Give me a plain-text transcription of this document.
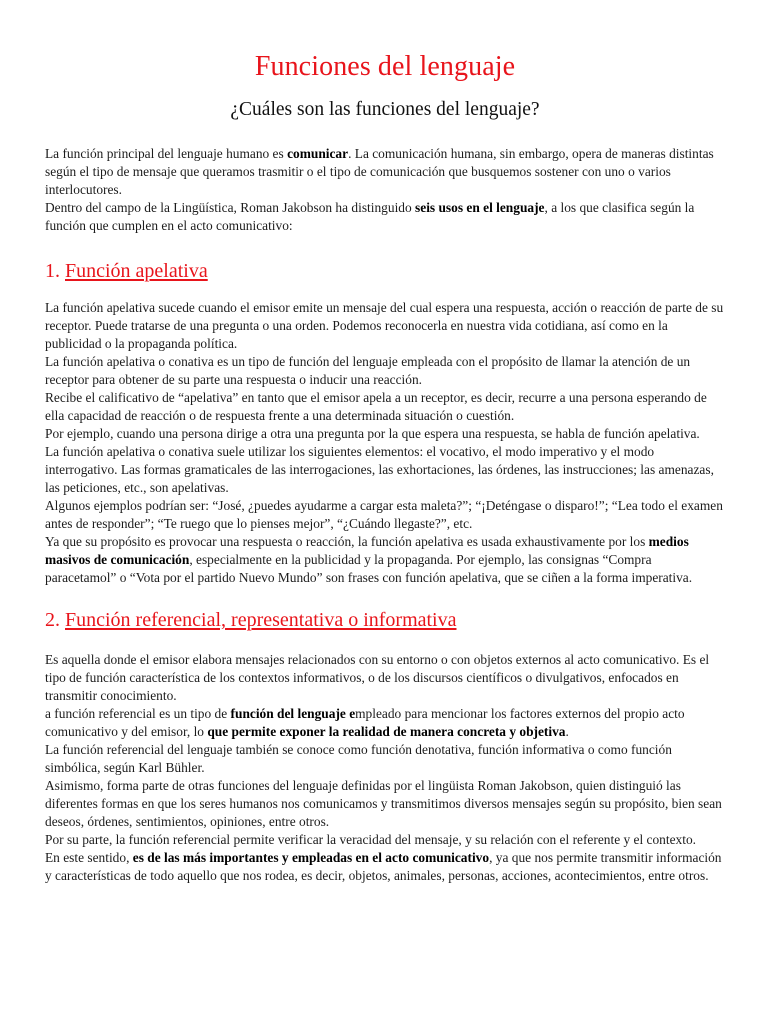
Funciones del lenguaje
¿Cuáles son las funciones del lenguaje?

La función principal del lenguaje humano es comunicar. La comunicación humana, sin embargo, opera de maneras distintas según el tipo de mensaje que queramos trasmitir o el tipo de comunicación que busquemos sostener con uno o varios interlocutores.

Dentro del campo de la Lingüística, Roman Jakobson ha distinguido seis usos en el lenguaje, a los que clasifica según la función que cumplen en el acto comunicativo:

1. Función apelativa

La función apelativa sucede cuando el emisor emite un mensaje del cual espera una respuesta, acción o reacción de parte de su receptor. Puede tratarse de una pregunta o una orden. Podemos reconocerla en nuestra vida cotidiana, así como en la publicidad o la propaganda política.

La función apelativa o conativa es un tipo de función del lenguaje empleada con el propósito de llamar la atención de un receptor para obtener de su parte una respuesta o inducir una reacción.

Recibe el calificativo de “apelativa” en tanto que el emisor apela a un receptor, es decir, recurre a una persona esperando de ella capacidad de reacción o de respuesta frente a una determinada situación o cuestión.

Por ejemplo, cuando una persona dirige a otra una pregunta por la que espera una respuesta, se habla de función apelativa.

La función apelativa o conativa suele utilizar los siguientes elementos: el vocativo, el modo imperativo y el modo interrogativo. Las formas gramaticales de las interrogaciones, las exhortaciones, las órdenes, las instrucciones; las amenazas, las peticiones, etc., son apelativas.

Algunos ejemplos podrían ser: “José, ¿puedes ayudarme a cargar esta maleta?”; “¡Deténgase o disparo!”; “Lea todo el examen antes de responder”; “Te ruego que lo pienses mejor”, “¿Cuándo llegaste?”, etc.

Ya que su propósito es provocar una respuesta o reacción, la función apelativa es usada exhaustivamente por los medios masivos de comunicación, especialmente en la publicidad y la propaganda. Por ejemplo, las consignas “Compra paracetamol” o “Vota por el partido Nuevo Mundo” son frases con función apelativa, que se ciñen a la forma imperativa.

2. Función referencial, representativa o informativa

Es aquella donde el emisor elabora mensajes relacionados con su entorno o con objetos externos al acto comunicativo. Es el tipo de función característica de los contextos informativos, o de los discursos científicos o divulgativos, enfocados en transmitir conocimiento.

a función referencial es un tipo de función del lenguaje empleado para mencionar los factores externos del propio acto comunicativo y del emisor, lo que permite exponer la realidad de manera concreta y objetiva.

La función referencial del lenguaje también se conoce como función denotativa, función informativa o como función simbólica, según Karl Bühler.

Asimismo, forma parte de otras funciones del lenguaje definidas por el lingüista Roman Jakobson, quien distinguió las diferentes formas en que los seres humanos nos comunicamos y transmitimos diversos mensajes según su propósito, bien sean deseos, órdenes, sentimientos, opiniones, entre otros.

Por su parte, la función referencial permite verificar la veracidad del mensaje, y su relación con el referente y el contexto.

En este sentido, es de las más importantes y empleadas en el acto comunicativo, ya que nos permite transmitir información y características de todo aquello que nos rodea, es decir, objetos, animales, personas, acciones, acontecimientos, entre otros.
